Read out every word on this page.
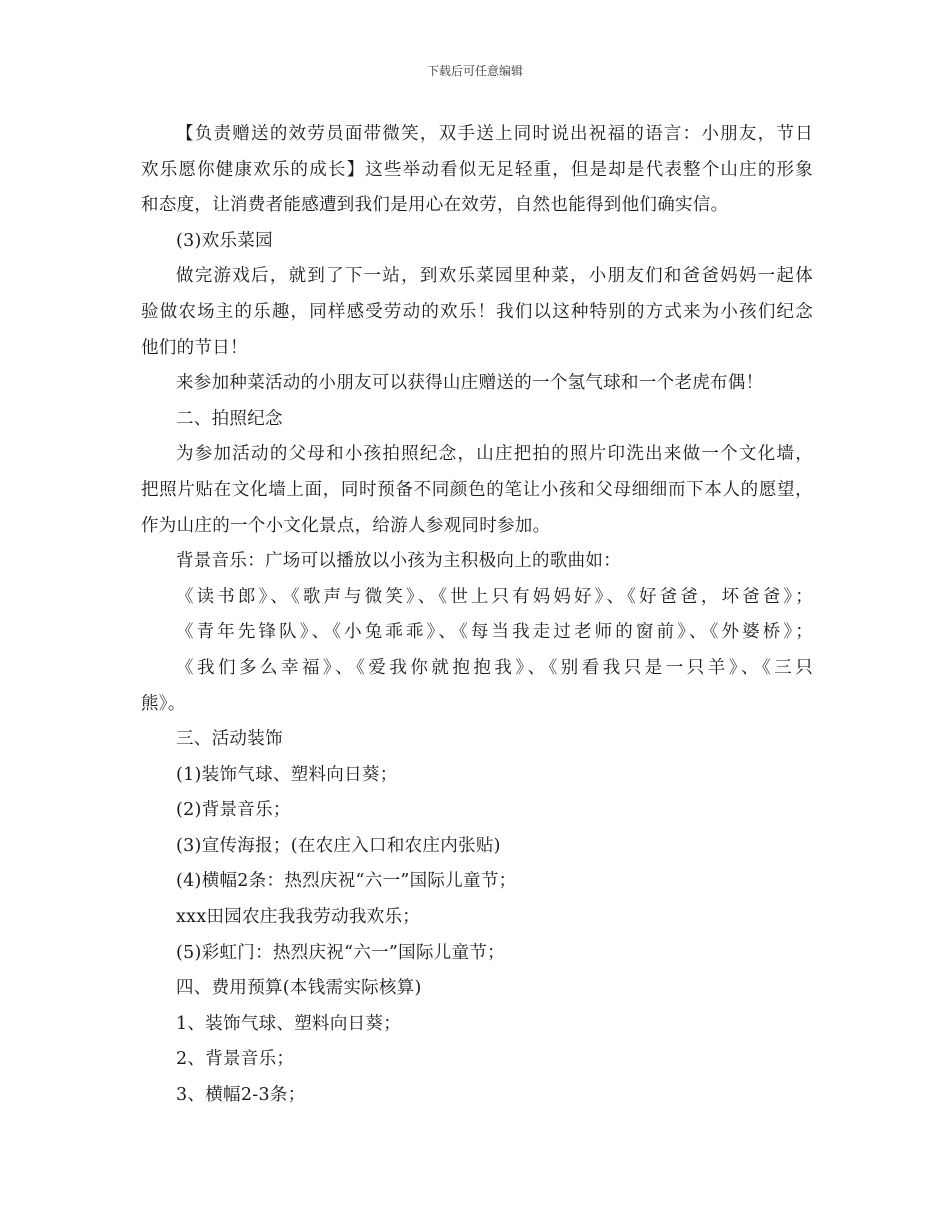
下载后可任意编辑
【负责赠送的效劳员面带微笑，双手送上同时说出祝福的语言：小朋友，节日
欢乐愿你健康欢乐的成长】这些举动看似无足轻重，但是却是代表整个山庄的形象
和态度，让消费者能感遭到我们是用心在效劳，自然也能得到他们确实信。
(3)欢乐菜园
做完游戏后，就到了下一站，到欢乐菜园里种菜，小朋友们和爸爸妈妈一起体
验做农场主的乐趣，同样感受劳动的欢乐！我们以这种特别的方式来为小孩们纪念
他们的节日！
来参加种菜活动的小朋友可以获得山庄赠送的一个氢气球和一个老虎布偶！
二、拍照纪念
为参加活动的父母和小孩拍照纪念，山庄把拍的照片印洗出来做一个文化墙，
把照片贴在文化墙上面，同时预备不同颜色的笔让小孩和父母细细而下本人的愿望，
作为山庄的一个小文化景点，给游人参观同时参加。
背景音乐：广场可以播放以小孩为主积极向上的歌曲如：
《读书郎》、《歌声与微笑》、《世上只有妈妈好》、《好爸爸，坏爸爸》；
《青年先锋队》、《小兔乖乖》、《每当我走过老师的窗前》、《外婆桥》；
《我们多么幸福》、《爱我你就抱抱我》、《别看我只是一只羊》、《三只
熊》。
三、活动装饰
(1)装饰气球、塑料向日葵；
(2)背景音乐；
(3)宣传海报；(在农庄入口和农庄内张贴)
(4)横幅2条：热烈庆祝“六一”国际儿童节；
xxx田园农庄我我劳动我欢乐；
(5)彩虹门：热烈庆祝“六一”国际儿童节；
四、费用预算(本钱需实际核算)
1、装饰气球、塑料向日葵；
2、背景音乐；
3、横幅2-3条；
